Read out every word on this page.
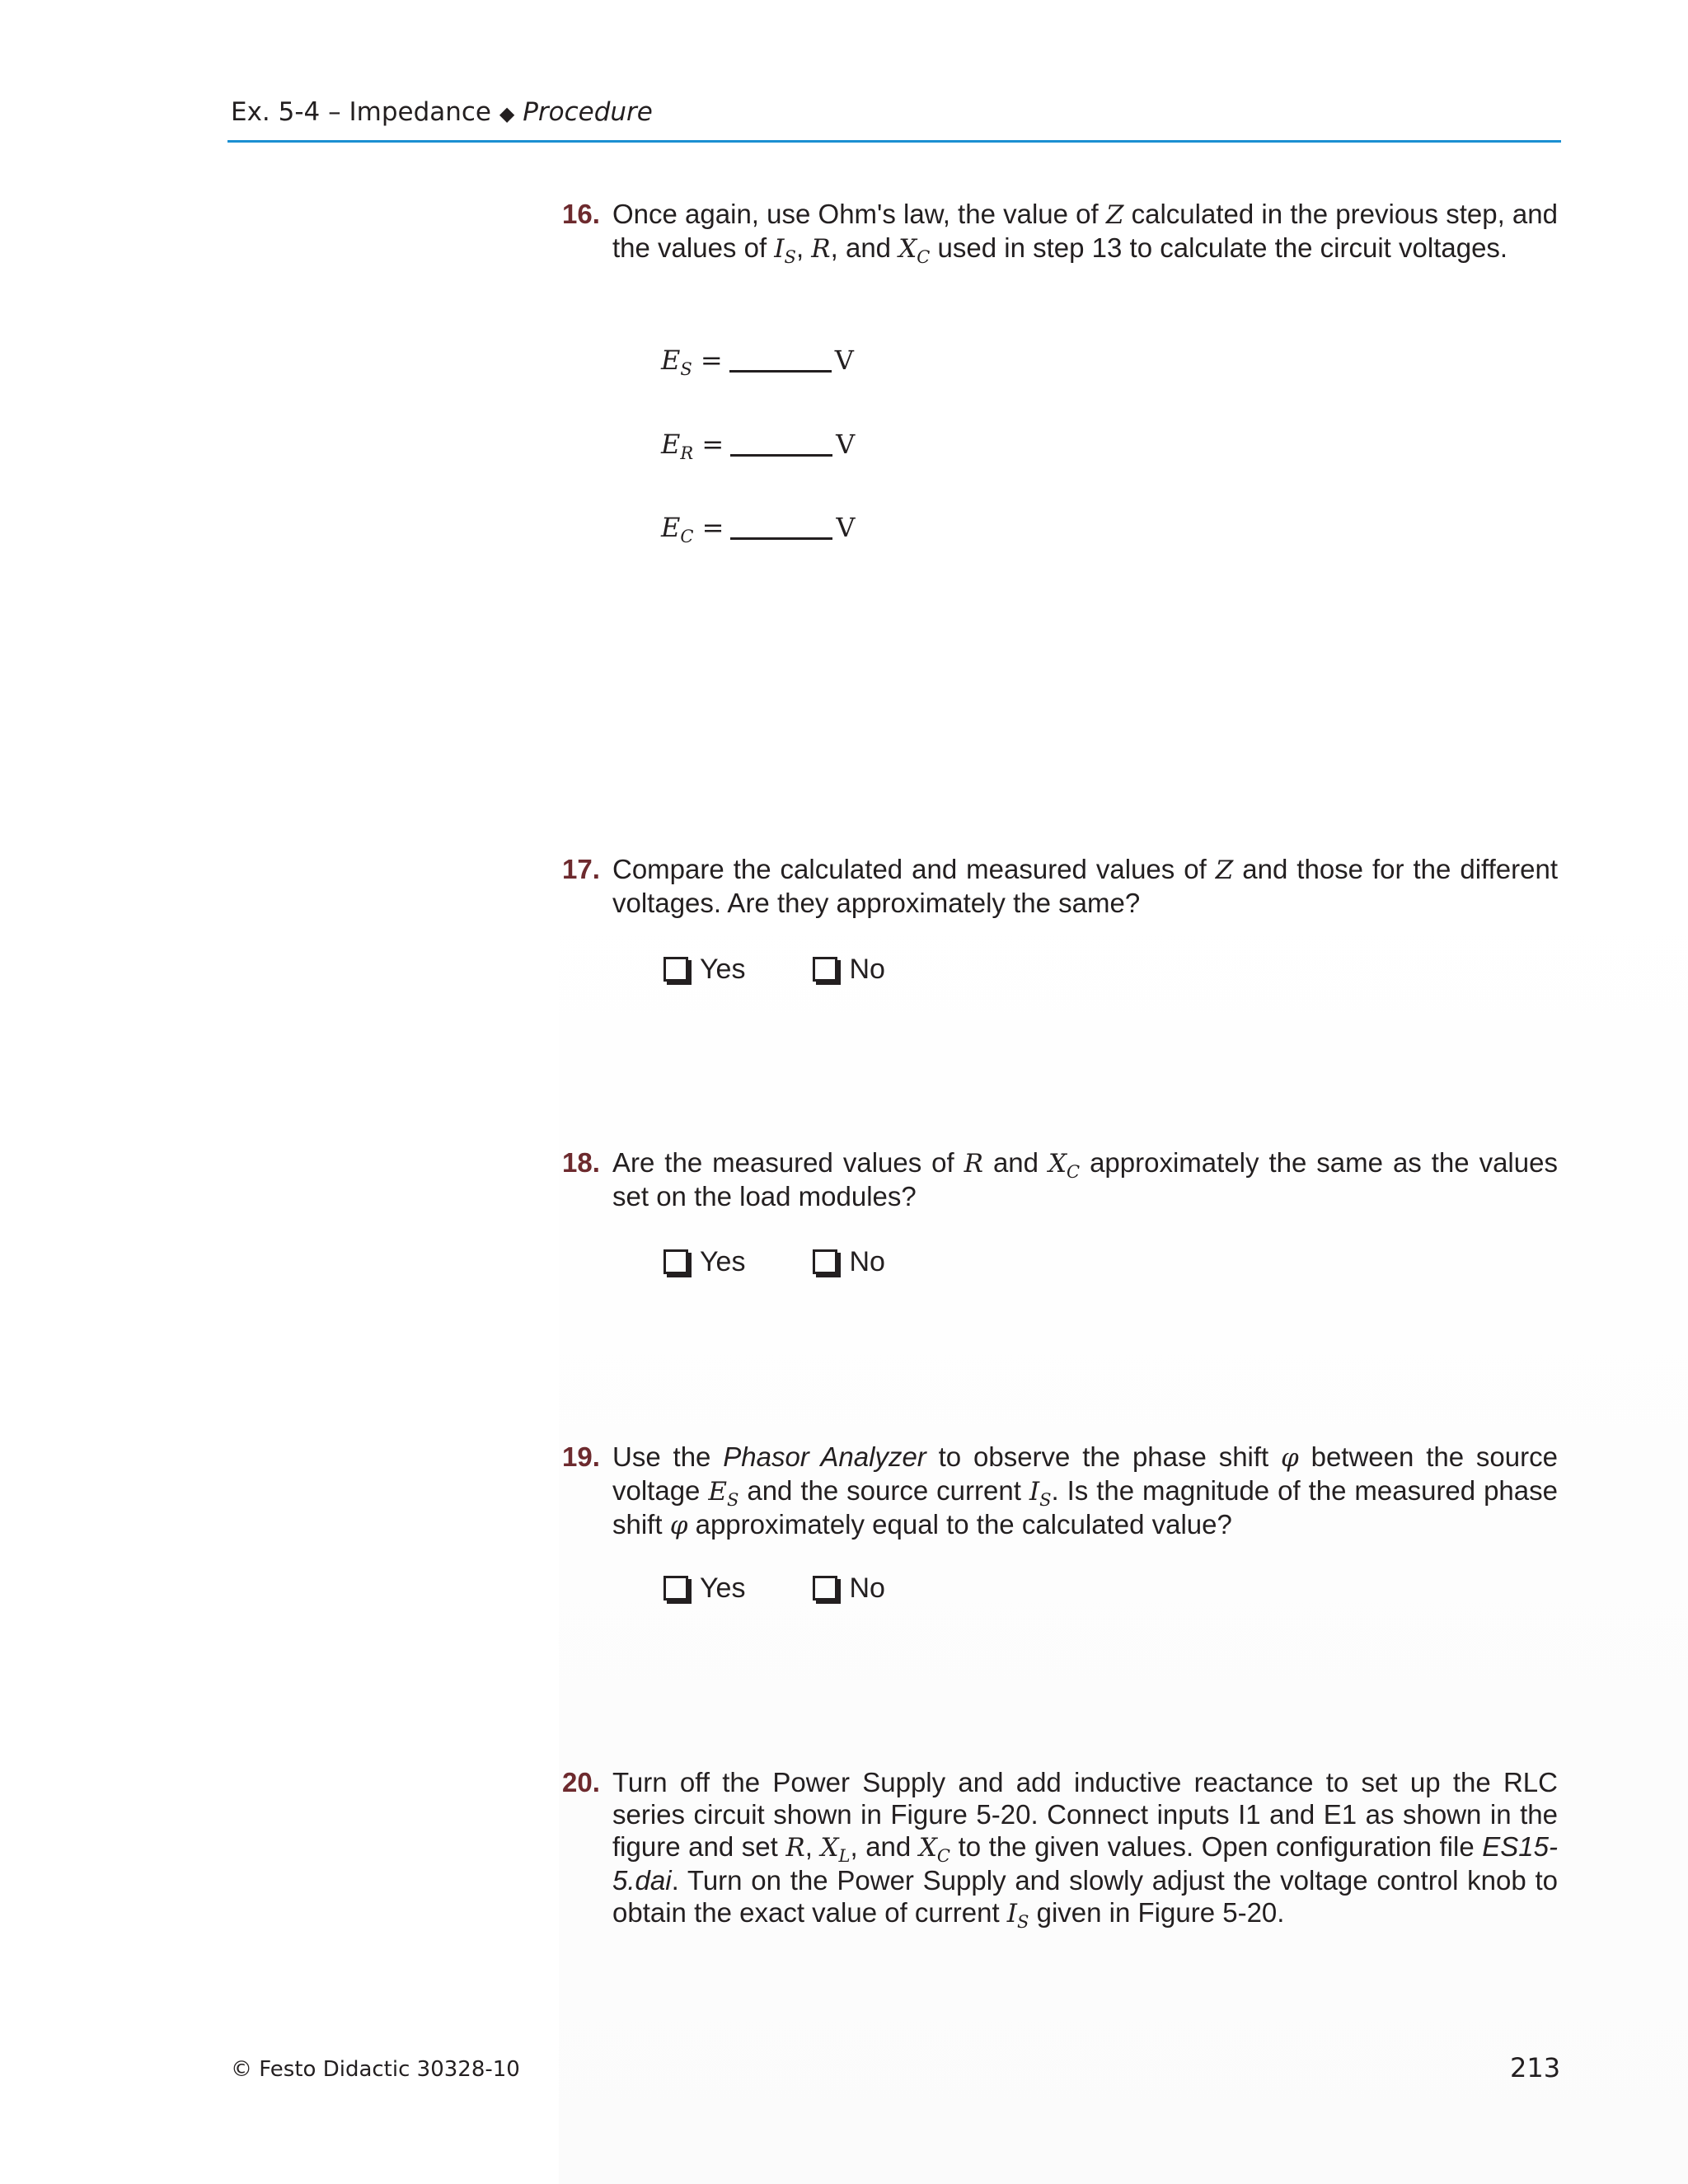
Ex. 5-4 – Impedance ◆ Procedure
16. Once again, use Ohm's law, the value of Z calculated in the previous step, and the values of $I_S$, R, and $X_C$ used in step 13 to calculate the circuit voltages.

$E_S$ =	V
$E_R$ =	V
$E_C$ =	V
17. Compare the calculated and measured values of Z and those for the different voltages. Are they approximately the same?

Yes	No
18. Are the measured values of R and $X_C$ approximately the same as the values set on the load modules?

Yes	No
19. Use the Phasor Analyzer to observe the phase shift φ between the source voltage $E_S$ and the source current $I_S$. Is the magnitude of the measured phase shift φ approximately equal to the calculated value?

Yes	No
20. Turn off the Power Supply and add inductive reactance to set up the RLC series circuit shown in Figure 5-20. Connect inputs I1 and E1 as shown in the figure and set R, $X_L$, and $X_C$ to the given values. Open configuration file ES15-5.dai. Turn on the Power Supply and slowly adjust the voltage control knob to obtain the exact value of current $I_S$ given in Figure 5-20.

© Festo Didactic 30328-10	213
